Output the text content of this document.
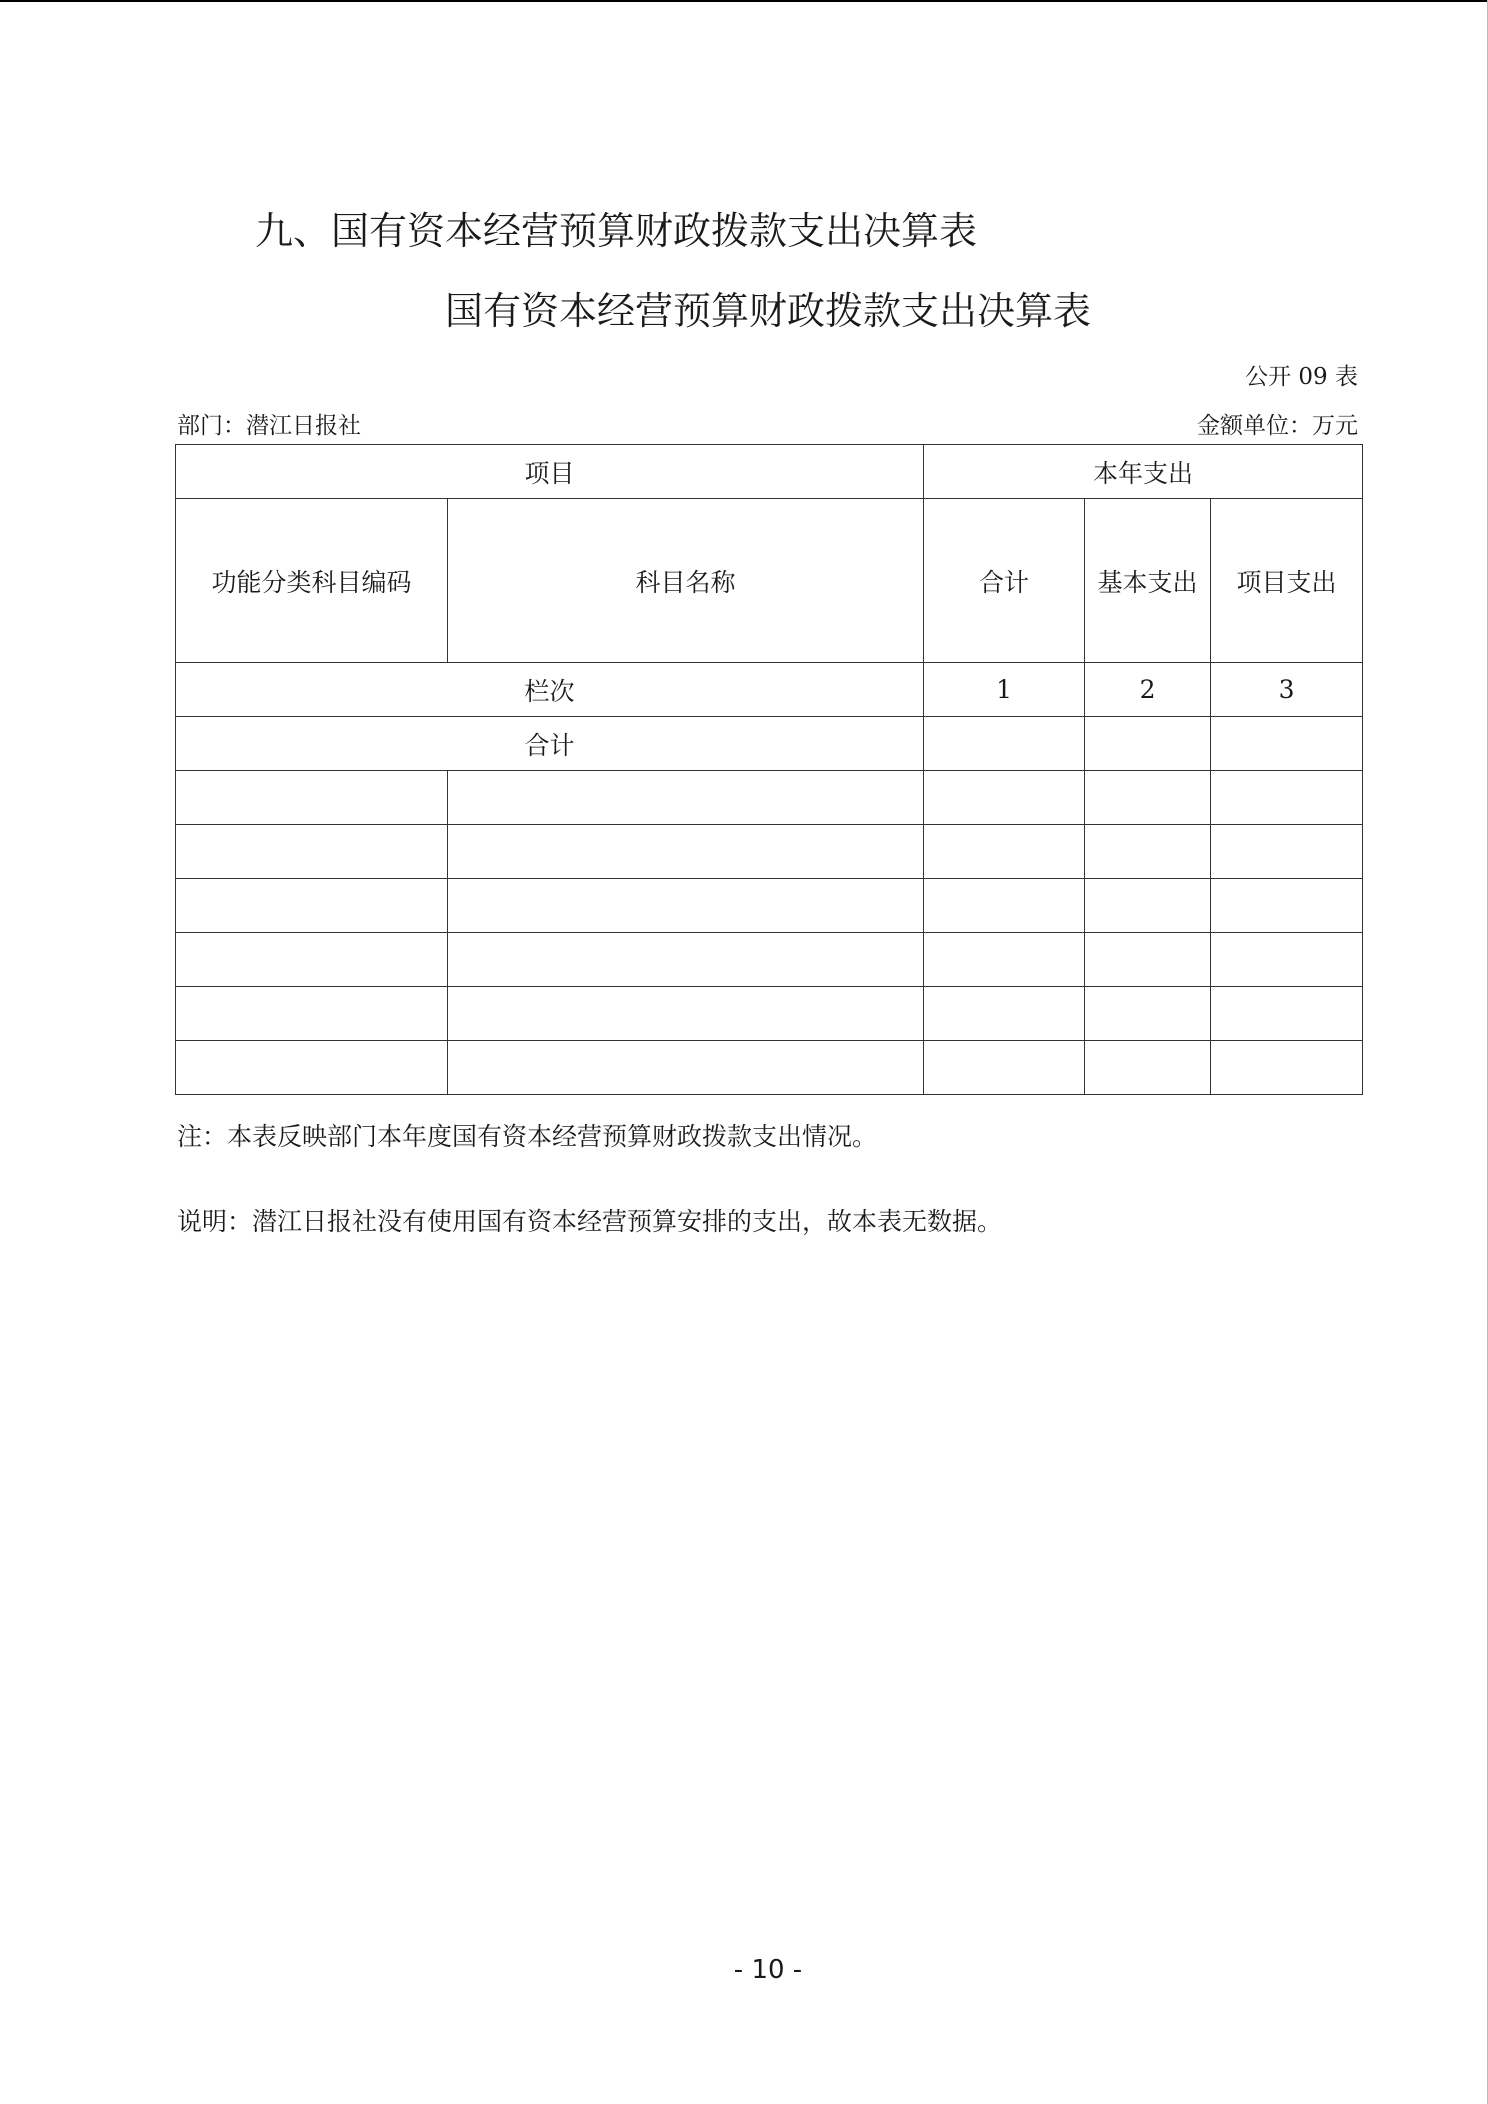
九、国有资本经营预算财政拨款支出决算表
国有资本经营预算财政拨款支出决算表
公开 09 表
部门：潜江日报社	金额单位：万元
项目		本年支出		
功能分类科目编码	科目名称	合计	基本支出	项目支出
栏次		1	2	3
合计				

注：本表反映部门本年度国有资本经营预算财政拨款支出情况。
说明：潜江日报社没有使用国有资本经营预算安排的支出，故本表无数据。
- 10 -
